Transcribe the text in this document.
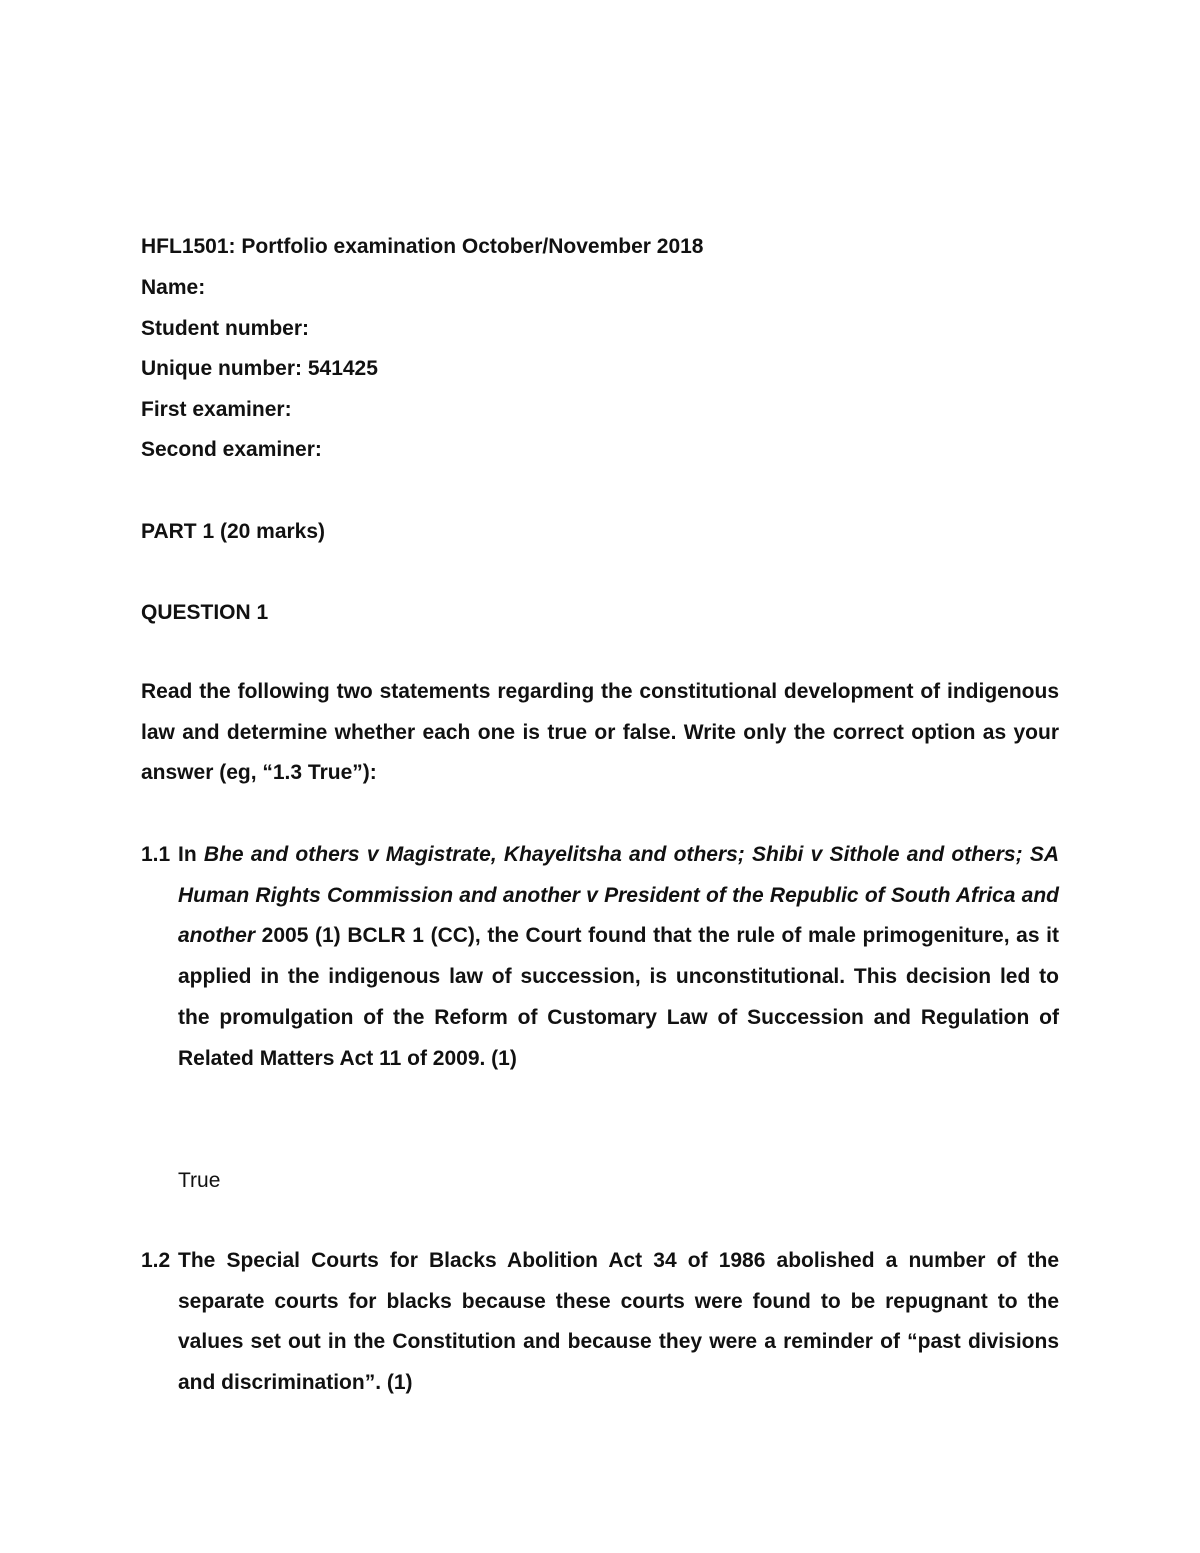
HFL1501: Portfolio examination October/November 2018
Name:
Student number:
Unique number: 541425
First examiner:
Second examiner:
PART 1 (20 marks)
QUESTION 1
Read the following two statements regarding the constitutional development of indigenous law and determine whether each one is true or false. Write only the correct option as your answer (eg, “1.3 True”):
1.1 In Bhe and others v Magistrate, Khayelitsha and others; Shibi v Sithole and others; SA Human Rights Commission and another v President of the Republic of South Africa and another 2005 (1) BCLR 1 (CC), the Court found that the rule of male primogeniture, as it applied in the indigenous law of succession, is unconstitutional. This decision led to the promulgation of the Reform of Customary Law of Succession and Regulation of Related Matters Act 11 of 2009. (1)
True
1.2 The Special Courts for Blacks Abolition Act 34 of 1986 abolished a number of the separate courts for blacks because these courts were found to be repugnant to the values set out in the Constitution and because they were a reminder of “past divisions and discrimination”. (1)
